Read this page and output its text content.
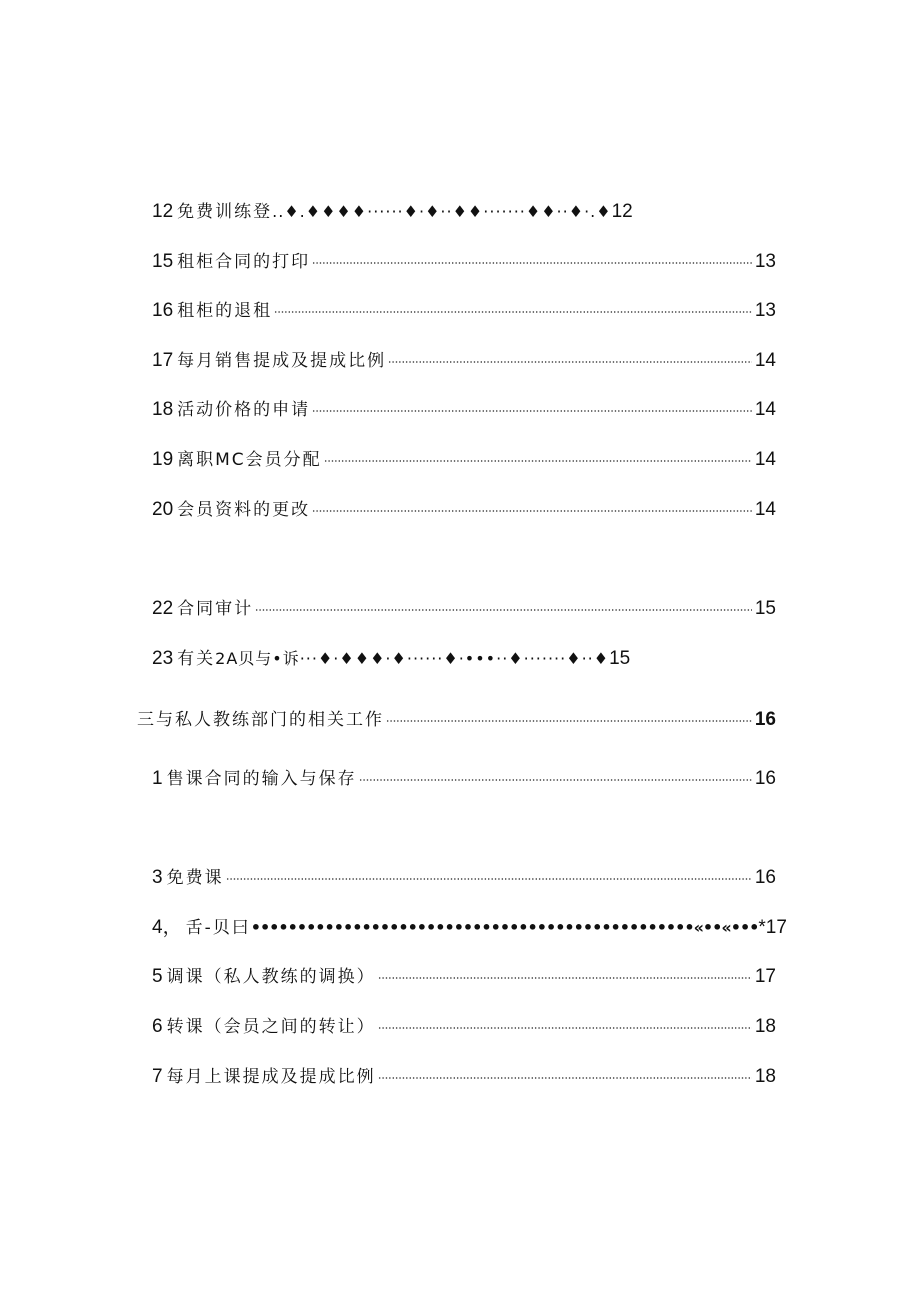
12 免费训练登 ..♦.♦♦♦♦······♦·♦··♦♦·······♦♦··♦·.♦ 12
15 租柜合同的打印	13
16 租柜的退租	13
17 每月销售提成及提成比例	14
18 活动价格的申请	14
19 离职MC会员分配	14
20 会员资料的更改	14
22 合同审计	15
23 有关 2A贝与•诉···♦·♦♦♦·♦······♦·•••··♦·······♦··♦ 15
三与私人教练部门的相关工作	16
1 售课合同的输入与保存	16
3 免费课	16
4， 舌-贝曰 ••••••••••••••••••••••••••••••••••••••••••••••••«••«••• *17
5 调课（私人教练的调换）	17
6 转课（会员之间的转让）	18
7 每月上课提成及提成比例	18
